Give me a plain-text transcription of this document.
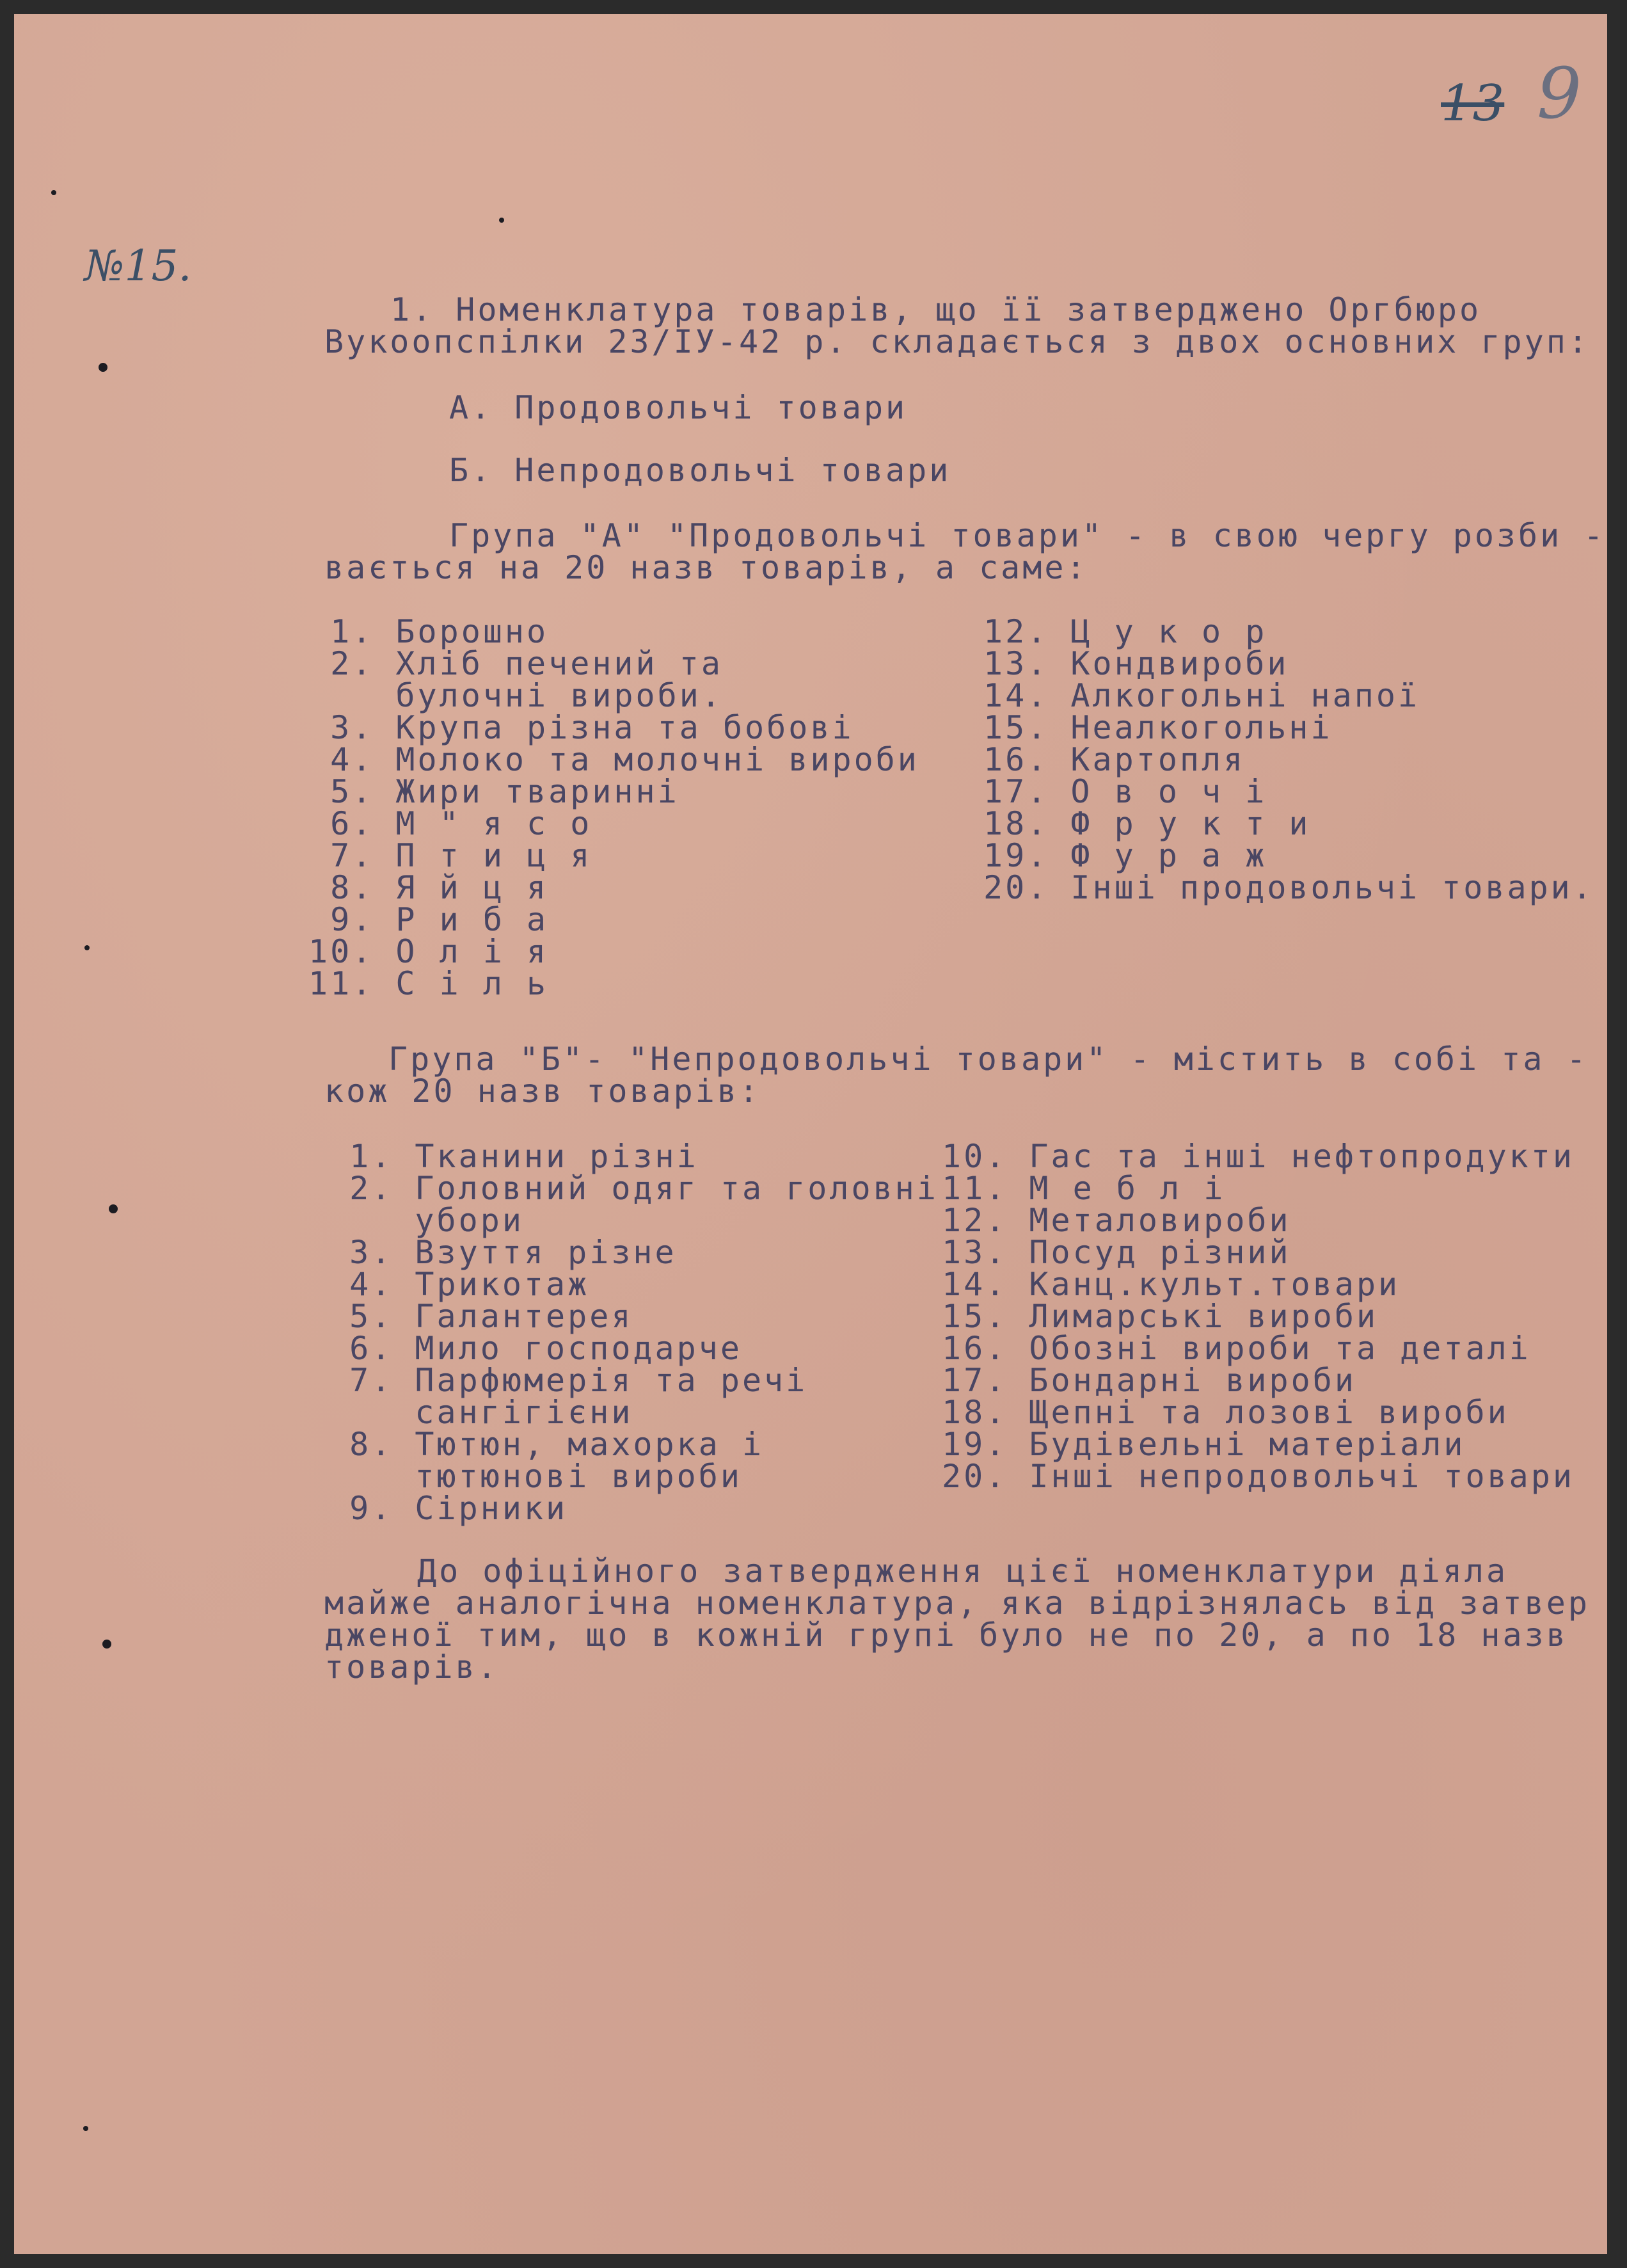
13 9
№15.
1. Номенклатура товарів, що її затверджено Оргбюро
Вукоопспілки 23/ІУ-42 р. складається з двох основних груп:
А. Продовольчі товари
Б. Непродовольчі товари
Група "А" "Продовольчі товари" - в свою чергу розби -
вається на 20 назв товарів, а саме:
1. Борошно
2. Хліб печений та
булочні вироби.
3. Крупа різна та бобові
4. Молоко та молочні вироби
5. Жири тваринні
6. М " я с о
7. П т и ц я
8. Я й ц я
9. Р и б а
10. О л і я
11. С і л ь
12. Ц у к о р
13. Кондвироби
14. Алкогольні напої
15. Неалкогольні
16. Картопля
17. О в о ч і
18. Ф р у к т и
19. Ф у р а ж
20. Інші продовольчі товари.
Група "Б"- "Непродовольчі товари" - містить в собі та -
кож 20 назв товарів:
1. Тканини різні
2. Головний одяг та головні
убори
3. Взуття різне
4. Трикотаж
5. Галантерея
6. Мило господарче
7. Парфюмерія та речі
сангігієни
8. Тютюн, махорка і
тютюнові вироби
9. Сірники
10. Гас та інші нефтопродукти
11. М е б л і
12. Металовироби
13. Посуд різний
14. Канц.культ.товари
15. Лимарські вироби
16. Обозні вироби та деталі
17. Бондарні вироби
18. Щепні та лозові вироби
19. Будівельні матеріали
20. Інші непродовольчі товари
До офіційного затвердження цієї номенклатури діяла
майже аналогічна номенклатура, яка відрізнялась від затвер
дженої тим, що в кожній групі було не по 20, а по 18 назв
товарів.
